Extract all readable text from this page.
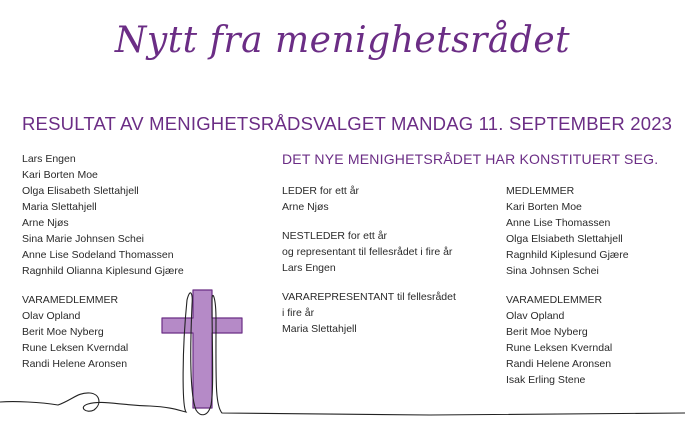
Nytt fra menighetsrådet
RESULTAT AV MENIGHETSRÅDSVALGET MANDAG 11. SEPTEMBER 2023
DET NYE MENIGHETSRÅDET HAR KONSTITUERT SEG.
Lars Engen
Kari Borten Moe
Olga Elisabeth Slettahjell
Maria Slettahjell
Arne Njøs
Sina Marie Johnsen Schei
Anne Lise Sodeland Thomassen
Ragnhild Olianna Kiplesund Gjære
VARAMEDLEMMER
Olav Opland
Berit Moe Nyberg
Rune Leksen Kverndal
Randi Helene Aronsen
LEDER for ett år
Arne Njøs
NESTLEDER for ett år
og representant til fellesrådet i fire år
Lars Engen
VARAREPRESENTANT til fellesrådet
i fire år
Maria Slettahjell
MEDLEMMER
Kari Borten Moe
Anne Lise Thomassen
Olga Elsiabeth Slettahjell
Ragnhild Kiplesund Gjære
Sina Johnsen Schei
VARAMEDLEMMER
Olav Opland
Berit Moe Nyberg
Rune Leksen Kverndal
Randi Helene Aronsen
Isak Erling Stene
